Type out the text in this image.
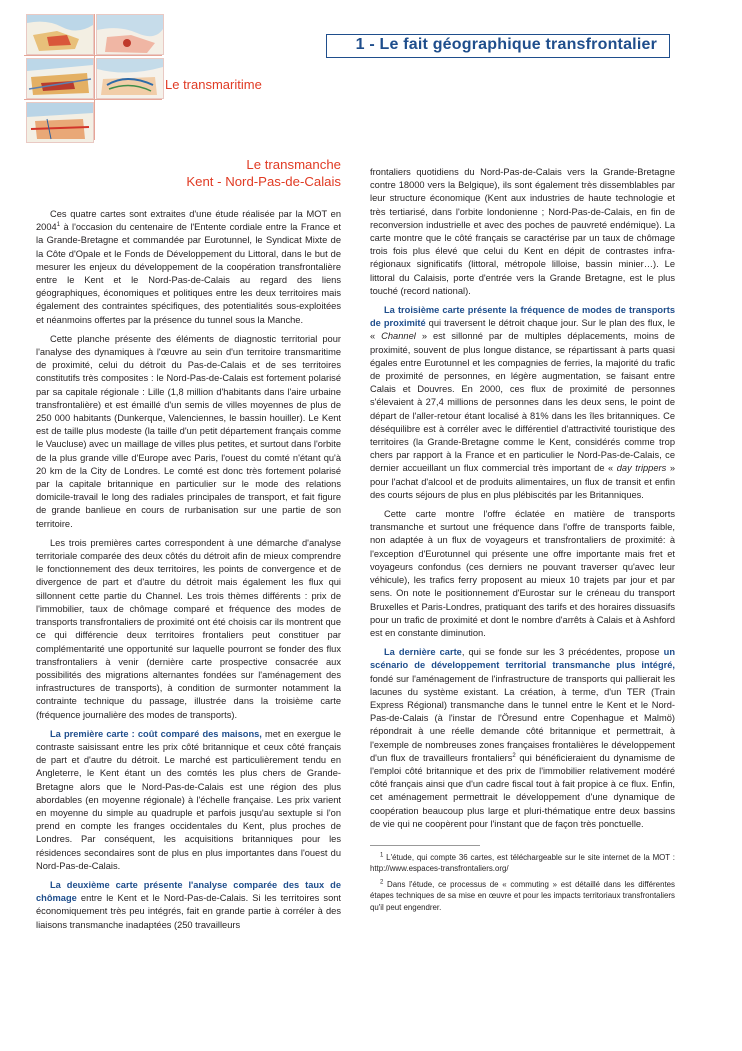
1 - Le fait géographique transfrontalier
Le transmaritime
Le transmanche
Kent - Nord-Pas-de-Calais

Ces quatre cartes sont extraites d'une étude réalisée par la MOT en 2004$^1$ à l'occasion du centenaire de l'Entente cordiale entre la France et la Grande-Bretagne et commandée par Eurotunnel, le Syndicat Mixte de la Côte d'Opale et le Fonds de Développement du Littoral, dans le but de mesurer les enjeux du développement de la coopération transfrontalière entre le Kent et le Nord-Pas-de-Calais au regard des liens géographiques, économiques et politiques entre les deux territoires mais également des contraintes spécifiques, des potentialités sous-exploitées et néanmoins offertes par la présence du tunnel sous la Manche.

Cette planche présente des éléments de diagnostic territorial pour l'analyse des dynamiques à l'œuvre au sein d'un territoire transmaritime de proximité, celui du détroit du Pas-de-Calais et de ses territoires constitutifs très composites : le Nord-Pas-de-Calais est fortement polarisé par sa capitale régionale : Lille (1,8 million d'habitants dans l'aire urbaine transfrontalière) et est émaillé d'un semis de villes moyennes de plus de 250 000 habitants (Dunkerque, Valenciennes, le bassin houiller). Le Kent est de taille plus modeste (la taille d'un petit département français comme le Vaucluse) avec un maillage de villes plus petites, et surtout dans l'orbite de la plus grande ville d'Europe avec Paris, l'ouest du comté n'étant qu'à 20 km de la City de Londres. Le comté est donc très fortement polarisé par la capitale britannique en particulier sur le mode des relations domicile-travail le long des radiales principales de transport, et fait figure de grande banlieue en cours de rurbanisation sur une partie de son territoire.

Les trois premières cartes correspondent à une démarche d'analyse territoriale comparée des deux côtés du détroit afin de mieux comprendre le fonctionnement des deux territoires, les points de convergence et de divergence de part et d'autre du détroit mais également les flux qui sillonnent cette partie du Channel. Les trois thèmes différents : prix de l'immobilier, taux de chômage comparé et fréquence des modes de transports transfrontaliers de proximité ont été choisis car ils montrent que ce qui différencie deux territoires frontaliers peut constituer par complémentarité une opportunité sur laquelle pourront se fonder des flux transfrontaliers à venir (dernière carte prospective consacrée aux possibilités des migrations alternantes fondées sur l'aménagement des infrastructures de transports), à condition de surmonter notamment la contrainte technique du passage, illustrée dans la troisième carte (fréquence journalière des modes de transports).

La première carte : coût comparé des maisons, met en exergue le contraste saisissant entre les prix côté britannique et ceux côté français de part et d'autre du détroit. Le marché est particulièrement tendu en Angleterre, le Kent étant un des comtés les plus chers de Grande-Bretagne alors que le Nord-Pas-de-Calais est une région des plus abordables (en moyenne régionale) à l'échelle française. Les prix varient en moyenne du simple au quadruple et parfois jusqu'au sextuple si l'on prend en compte les franges occidentales du Kent, plus proches de Londres. Par conséquent, les acquisitions britanniques pour les résidences secondaires sont de plus en plus importantes dans l'ouest du Nord-Pas-de-Calais.

La deuxième carte présente l'analyse comparée des taux de chômage entre le Kent et le Nord-Pas-de-Calais. Si les territoires sont économiquement très peu intégrés, fait en grande partie à corréler à des liaisons transmanche inadaptées (250 travailleurs

frontaliers quotidiens du Nord-Pas-de-Calais vers la Grande-Bretagne contre 18000 vers la Belgique), ils sont également très dissemblables par leur structure économique (Kent aux industries de haute technologie et très tertiarisé, dans l'orbite londonienne ; Nord-Pas-de-Calais, en fin de reconversion industrielle et avec des poches de pauvreté endémique). La carte montre que le côté français se caractérise par un taux de chômage trois fois plus élevé que celui du Kent en dépit de contrastes infra-régionaux significatifs (littoral, métropole lilloise, bassin minier…). Le littoral du Calaisis, porte d'entrée vers la Grande Bretagne, est le plus touché (record national).

La troisième carte présente la fréquence de modes de transports de proximité qui traversent le détroit chaque jour. Sur le plan des flux, le « Channel » est sillonné par de multiples déplacements, moins de proximité, souvent de plus longue distance, se répartissant à parts quasi égales entre Eurotunnel et les compagnies de ferries, la majorité du trafic de proximité de personnes, en légère augmentation, se faisant entre Calais et Douvres. En 2000, ces flux de proximité de personnes s'élevaient à 27,4 millions de personnes dans les deux sens, le point de départ de l'aller-retour étant localisé à 81% dans les îles britanniques. Ce déséquilibre est à corréler avec le différentiel d'attractivité touristique des territoires (la Grande-Bretagne comme le Kent, considérés comme trop chers par rapport à la France et en particulier le Nord-Pas-de-Calais, ce dernier accueillant un flux commercial très important de « day trippers » pour l'achat d'alcool et de produits alimentaires, un flux de transit et enfin des courts séjours de plus en plus plébiscités par les Britanniques.

Cette carte montre l'offre éclatée en matière de transports transmanche et surtout une fréquence dans l'offre de transports faible, non adaptée à un flux de voyageurs et transfrontaliers de proximité: à l'exception d'Eurotunnel qui présente une offre importante mais fret et voyageurs confondus (ces derniers ne pouvant traverser qu'avec leur véhicule), les trafics ferry proposent au mieux 10 trajets par jour et par sens. On note le positionnement d'Eurostar sur le créneau du transport Bruxelles et Paris-Londres, pratiquant des tarifs et des horaires dissuasifs pour un trafic de proximité et dont le nombre d'arrêts à Calais et à Ashford est en constante diminution.

La dernière carte, qui se fonde sur les 3 précédentes, propose un scénario de développement territorial transmanche plus intégré, fondé sur l'aménagement de l'infrastructure de transports qui pallierait les lacunes du système existant. La création, à terme, d'un TER (Train Express Régional) transmanche dans le tunnel entre le Kent et le Nord-Pas-de-Calais (à l'instar de l'Öresund entre Copenhague et Malmö) répondrait à une réelle demande côté britannique et permettrait, à l'exemple de nombreuses zones françaises frontalières le développement d'un flux de travailleurs frontaliers$^2$ qui bénéficieraient du dynamisme de l'emploi côté britannique et des prix de l'immobilier relativement modéré côté français ainsi que d'un cadre fiscal tout à fait propice à ce flux. Enfin, cet aménagement permettrait le développement d'une dynamique de coopération beaucoup plus large et pluri-thématique entre deux bassins de vie qui ne coopèrent pour l'instant que de façon très ponctuelle.

$^1$ L'étude, qui compte 36 cartes, est téléchargeable sur le site internet de la MOT : http://www.espaces-transfrontaliers.org/

$^2$ Dans l'étude, ce processus de « commuting » est détaillé dans les différentes étapes techniques de sa mise en œuvre et pour les impacts territoriaux transfrontaliers qu'il peut engendrer.
